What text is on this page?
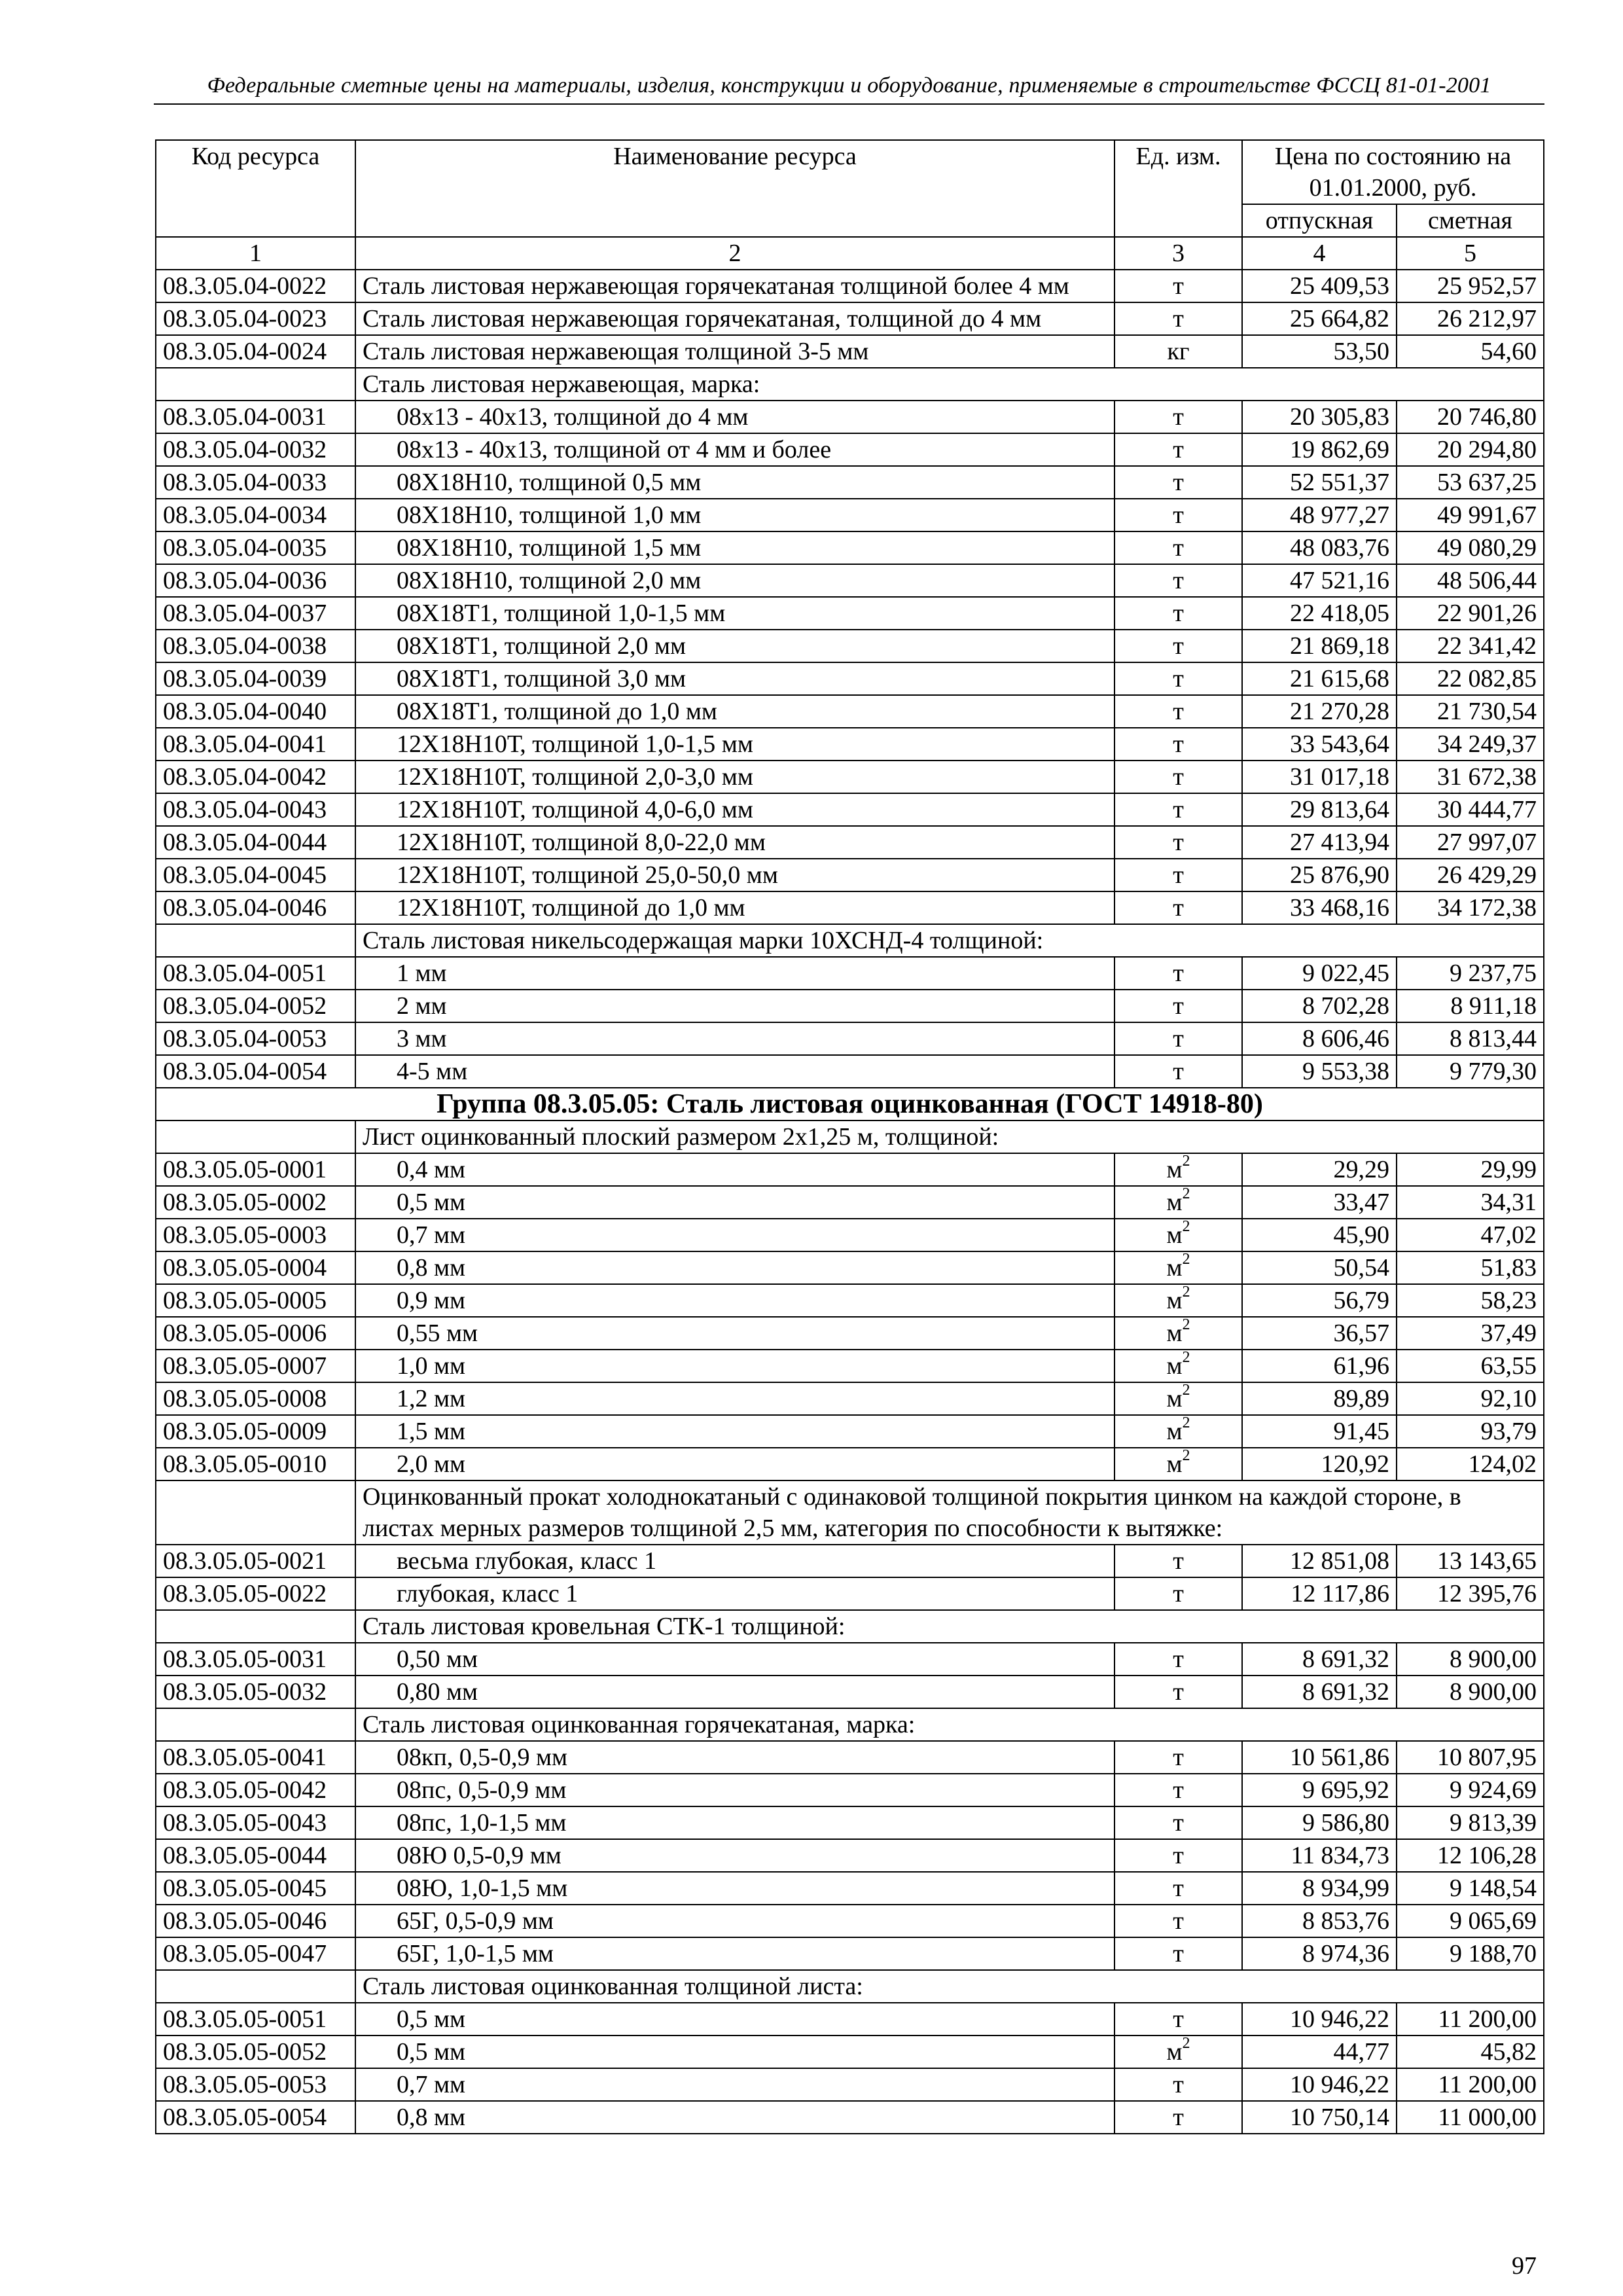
Федеральные сметные цены на материалы, изделия, конструкции и оборудование, применяемые в строительстве ФССЦ 81-01-2001
Код ресурса	Наименование ресурса	Ед. изм.	Цена по состоянию на 01.01.2000, руб.	
			отпускная	сметная
1	2	3	4	5
08.3.05.04-0022	Сталь листовая нержавеющая горячекатаная толщиной более 4 мм	т	25 409,53	25 952,57
08.3.05.04-0023	Сталь листовая нержавеющая горячекатаная, толщиной до 4 мм	т	25 664,82	26 212,97
08.3.05.04-0024	Сталь листовая нержавеющая толщиной 3-5 мм	кг	53,50	54,60
	Сталь листовая нержавеющая, марка:			
08.3.05.04-0031	08х13 - 40х13, толщиной до 4 мм	т	20 305,83	20 746,80
08.3.05.04-0032	08х13 - 40х13, толщиной от 4 мм и более	т	19 862,69	20 294,80
08.3.05.04-0033	08Х18Н10, толщиной 0,5 мм	т	52 551,37	53 637,25
08.3.05.04-0034	08Х18Н10, толщиной 1,0 мм	т	48 977,27	49 991,67
08.3.05.04-0035	08Х18Н10, толщиной 1,5 мм	т	48 083,76	49 080,29
08.3.05.04-0036	08Х18Н10, толщиной 2,0 мм	т	47 521,16	48 506,44
08.3.05.04-0037	08Х18Т1, толщиной 1,0-1,5 мм	т	22 418,05	22 901,26
08.3.05.04-0038	08Х18Т1, толщиной 2,0 мм	т	21 869,18	22 341,42
08.3.05.04-0039	08Х18Т1, толщиной 3,0 мм	т	21 615,68	22 082,85
08.3.05.04-0040	08Х18Т1, толщиной до 1,0 мм	т	21 270,28	21 730,54
08.3.05.04-0041	12Х18Н10Т, толщиной 1,0-1,5 мм	т	33 543,64	34 249,37
08.3.05.04-0042	12Х18Н10Т, толщиной 2,0-3,0 мм	т	31 017,18	31 672,38
08.3.05.04-0043	12Х18Н10Т, толщиной 4,0-6,0 мм	т	29 813,64	30 444,77
08.3.05.04-0044	12Х18Н10Т, толщиной 8,0-22,0 мм	т	27 413,94	27 997,07
08.3.05.04-0045	12Х18Н10Т, толщиной 25,0-50,0 мм	т	25 876,90	26 429,29
08.3.05.04-0046	12Х18Н10Т, толщиной до 1,0 мм	т	33 468,16	34 172,38
	Сталь листовая никельсодержащая марки 10ХСНД-4 толщиной:			
08.3.05.04-0051	1 мм	т	9 022,45	9 237,75
08.3.05.04-0052	2 мм	т	8 702,28	8 911,18
08.3.05.04-0053	3 мм	т	8 606,46	8 813,44
08.3.05.04-0054	4-5 мм	т	9 553,38	9 779,30
Группа 08.3.05.05: Сталь листовая оцинкованная (ГОСТ 14918-80)				
	Лист оцинкованный плоский размером 2х1,25 м, толщиной:			
08.3.05.05-0001	0,4 мм	$м^2$	29,29	29,99
08.3.05.05-0002	0,5 мм	$м^2$	33,47	34,31
08.3.05.05-0003	0,7 мм	$м^2$	45,90	47,02
08.3.05.05-0004	0,8 мм	$м^2$	50,54	51,83
08.3.05.05-0005	0,9 мм	$м^2$	56,79	58,23
08.3.05.05-0006	0,55 мм	$м^2$	36,57	37,49
08.3.05.05-0007	1,0 мм	$м^2$	61,96	63,55
08.3.05.05-0008	1,2 мм	$м^2$	89,89	92,10
08.3.05.05-0009	1,5 мм	$м^2$	91,45	93,79
08.3.05.05-0010	2,0 мм	$м^2$	120,92	124,02
	Оцинкованный прокат холоднокатаный с одинаковой толщиной покрытия цинком на каждой стороне, в листах мерных размеров толщиной 2,5 мм, категория по способности к вытяжке:			
08.3.05.05-0021	весьма глубокая, класс 1	т	12 851,08	13 143,65
08.3.05.05-0022	глубокая, класс 1	т	12 117,86	12 395,76
	Сталь листовая кровельная СТК-1 толщиной:			
08.3.05.05-0031	0,50 мм	т	8 691,32	8 900,00
08.3.05.05-0032	0,80 мм	т	8 691,32	8 900,00
	Сталь листовая оцинкованная горячекатаная, марка:			
08.3.05.05-0041	08кп, 0,5-0,9 мм	т	10 561,86	10 807,95
08.3.05.05-0042	08пс, 0,5-0,9 мм	т	9 695,92	9 924,69
08.3.05.05-0043	08пс, 1,0-1,5 мм	т	9 586,80	9 813,39
08.3.05.05-0044	08Ю 0,5-0,9 мм	т	11 834,73	12 106,28
08.3.05.05-0045	08Ю, 1,0-1,5 мм	т	8 934,99	9 148,54
08.3.05.05-0046	65Г, 0,5-0,9 мм	т	8 853,76	9 065,69
08.3.05.05-0047	65Г, 1,0-1,5 мм	т	8 974,36	9 188,70
	Сталь листовая оцинкованная толщиной листа:			
08.3.05.05-0051	0,5 мм	т	10 946,22	11 200,00
08.3.05.05-0052	0,5 мм	$м^2$	44,77	45,82
08.3.05.05-0053	0,7 мм	т	10 946,22	11 200,00
08.3.05.05-0054	0,8 мм	т	10 750,14	11 000,00
97
